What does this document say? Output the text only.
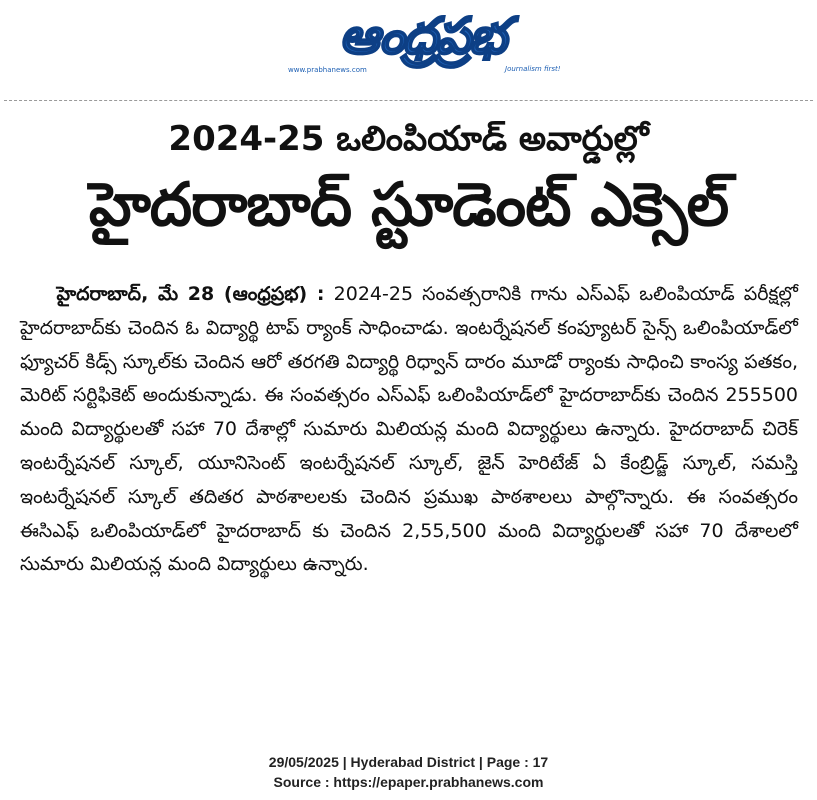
ఆంధ్రప్రభ
www.prabhanews.com	Journalism first!
2024-25 ఒలింపియాడ్ అవార్డుల్లో
హైదరాబాద్ స్టూడెంట్ ఎక్సెల్

హైదరాబాద్, మే 28 (ఆంధ్రప్రభ) : 2024-25 సంవత్సరానికి గాను ఎస్ఎఫ్ ఒలింపియాడ్ పరీక్షల్లో హైదరాబాద్‌కు చెందిన ఓ విద్యార్థి టాప్ ర్యాంక్ సాధించాడు. ఇంటర్నేషనల్ కంప్యూటర్ సైన్స్ ఒలింపియాడ్‌లో ఫ్యూచర్ కిడ్స్ స్కూల్‌కు చెందిన ఆరో తరగతి విద్యార్థి రిధ్వాన్ దారం మూడో ర్యాంకు సాధించి కాంస్య పతకం, మెరిట్ సర్టిఫికెట్ అందుకున్నాడు. ఈ సంవత్సరం ఎస్ఎఫ్ ఒలింపియాడ్‌లో హైదరాబాద్‌కు చెందిన 255500 మంది విద్యార్థులతో సహా 70 దేశాల్లో సుమారు మిలియన్ల మంది విద్యార్థులు ఉన్నారు. హైదరాబాద్ చిరెక్ ఇంటర్నేషనల్ స్కూల్, యూనిసెంట్ ఇంటర్నేషనల్ స్కూల్, జైన్ హెరిటేజ్ ఏ కేంబ్రిడ్జ్ స్కూల్, సమస్తి ఇంటర్నేషనల్ స్కూల్ తదితర పాఠశాలలకు చెందిన ప్రముఖ పాఠశాలలు పాల్గొన్నారు. ఈ సంవత్సరం ఈసిఎఫ్ ఒలింపియాడ్‌లో హైదరాబాద్ కు చెందిన 2,55,500 మంది విద్యార్థులతో సహా 70 దేశాలలో సుమారు మిలియన్ల మంది విద్యార్థులు ఉన్నారు.

29/05/2025 | Hyderabad District | Page : 17
Source : https://epaper.prabhanews.com
